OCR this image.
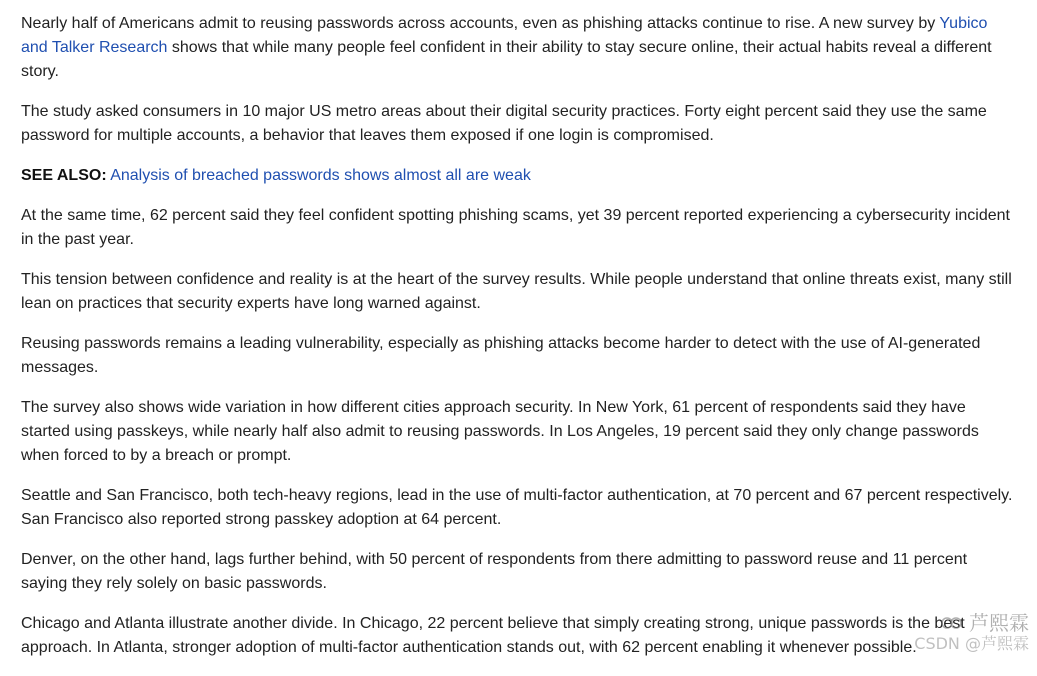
Nearly half of Americans admit to reusing passwords across accounts, even as phishing attacks continue to rise. A new survey by Yubico and Talker Research shows that while many people feel confident in their ability to stay secure online, their actual habits reveal a different story.

The study asked consumers in 10 major US metro areas about their digital security practices. Forty eight percent said they use the same password for multiple accounts, a behavior that leaves them exposed if one login is compromised.

SEE ALSO: Analysis of breached passwords shows almost all are weak

At the same time, 62 percent said they feel confident spotting phishing scams, yet 39 percent reported experiencing a cybersecurity incident in the past year.

This tension between confidence and reality is at the heart of the survey results. While people understand that online threats exist, many still lean on practices that security experts have long warned against.

Reusing passwords remains a leading vulnerability, especially as phishing attacks become harder to detect with the use of AI-generated messages.

The survey also shows wide variation in how different cities approach security. In New York, 61 percent of respondents said they have started using passkeys, while nearly half also admit to reusing passwords. In Los Angeles, 19 percent said they only change passwords when forced to by a breach or prompt.

Seattle and San Francisco, both tech-heavy regions, lead in the use of multi-factor authentication, at 70 percent and 67 percent respectively. San Francisco also reported strong passkey adoption at 64 percent.

Denver, on the other hand, lags further behind, with 50 percent of respondents from there admitting to password reuse and 11 percent saying they rely solely on basic passwords.

Chicago and Atlanta illustrate another divide. In Chicago, 22 percent believe that simply creating strong, unique passwords is the best approach. In Atlanta, stronger adoption of multi-factor authentication stands out, with 62 percent enabling it whenever possible.

芦熙霖
CSDN @芦熙霖
